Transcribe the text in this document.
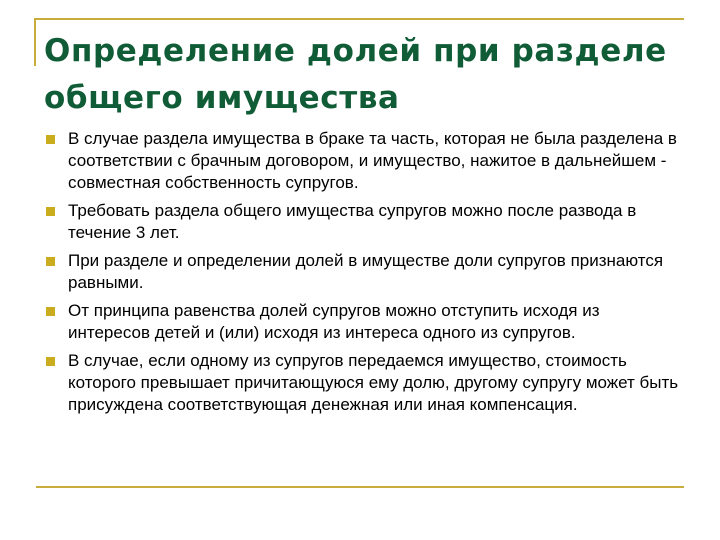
Определение долей при разделе общего имущества
В случае раздела имущества в браке та часть, которая не была разделена в соответствии с брачным договором, и имущество, нажитое в дальнейшем - совместная собственность супругов.
Требовать раздела общего имущества супругов можно после развода в течение 3 лет.
При разделе и определении долей в имуществе доли супругов признаются равными.
От принципа равенства долей супругов можно отступить исходя из интересов детей и (или) исходя из интереса одного из супругов.
В случае, если одному из супругов передаемся имущество, стоимость которого превышает причитающуюся ему долю, другому супругу может быть присуждена соответствующая денежная или иная компенсация.
